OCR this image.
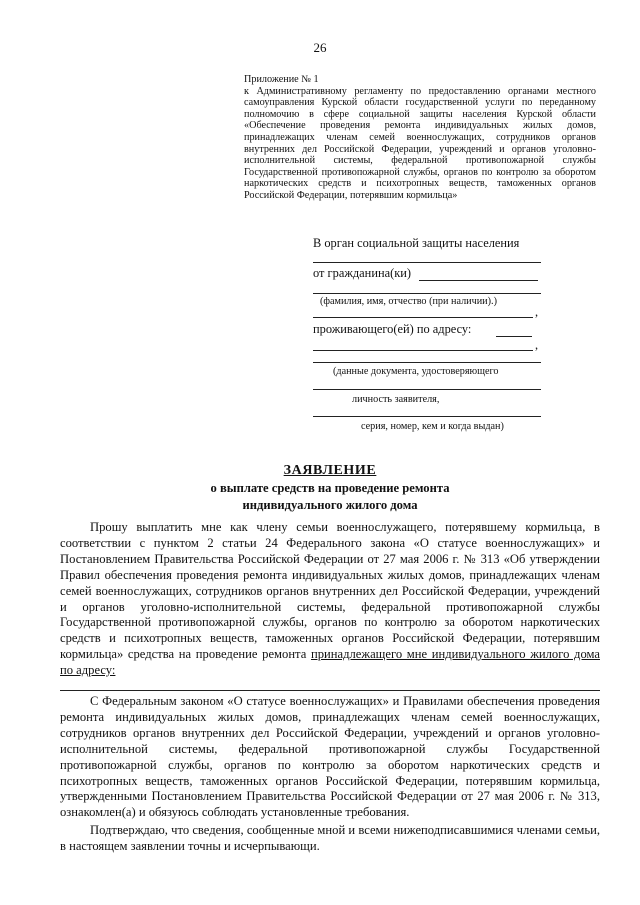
26
Приложение № 1
к Административному регламенту по предоставлению органами местного самоуправления Курской области государственной услуги по переданному полномочию в сфере социальной защиты населения Курской области «Обеспечение проведения ремонта индивидуальных жилых домов, принадлежащих членам семей военнослужащих, сотрудников органов внутренних дел Российской Федерации, учреждений и органов уголовно-исполнительной системы, федеральной противопожарной службы Государственной противопожарной службы, органов по контролю за оборотом наркотических средств и психотропных веществ, таможенных органов Российской Федерации, потерявшим кормильца»
В орган социальной защиты населения
от гражданина(ки)
(фамилия, имя, отчество (при наличии).)
,
проживающего(ей) по адресу:
,
(данные документа, удостоверяющего
личность заявителя,
серия, номер, кем и когда выдан)
ЗАЯВЛЕНИЕ
о выплате средств на проведение ремонта
индивидуального жилого дома
Прошу выплатить мне как члену семьи военнослужащего, потерявшему кормильца, в соответствии с пунктом 2 статьи 24 Федерального закона «О статусе военнослужащих» и Постановлением Правительства Российской Федерации от 27 мая 2006 г. № 313 «Об утверждении Правил обеспечения проведения ремонта индивидуальных жилых домов, принадлежащих членам семей военнослужащих, сотрудников органов внутренних дел Российской Федерации, учреждений и органов уголовно-исполнительной системы, федеральной противопожарной службы Государственной противопожарной службы, органов по контролю за оборотом наркотических средств и психотропных веществ, таможенных органов Российской Федерации, потерявшим кормильца» средства на проведение ремонта принадлежащего мне индивидуального жилого дома по адресу:
С Федеральным законом «О статусе военнослужащих» и Правилами обеспечения проведения ремонта индивидуальных жилых домов, принадлежащих членам семей военнослужащих, сотрудников органов внутренних дел Российской Федерации, учреждений и органов уголовно-исполнительной системы, федеральной противопожарной службы Государственной противопожарной службы, органов по контролю за оборотом наркотических средств и психотропных веществ, таможенных органов Российской Федерации, потерявшим кормильца, утвержденными Постановлением Правительства Российской Федерации от 27 мая 2006 г. № 313, ознакомлен(а) и обязуюсь соблюдать установленные требования.
Подтверждаю, что сведения, сообщенные мной и всеми нижеподписавшимися членами семьи, в настоящем заявлении точны и исчерпывающи.
